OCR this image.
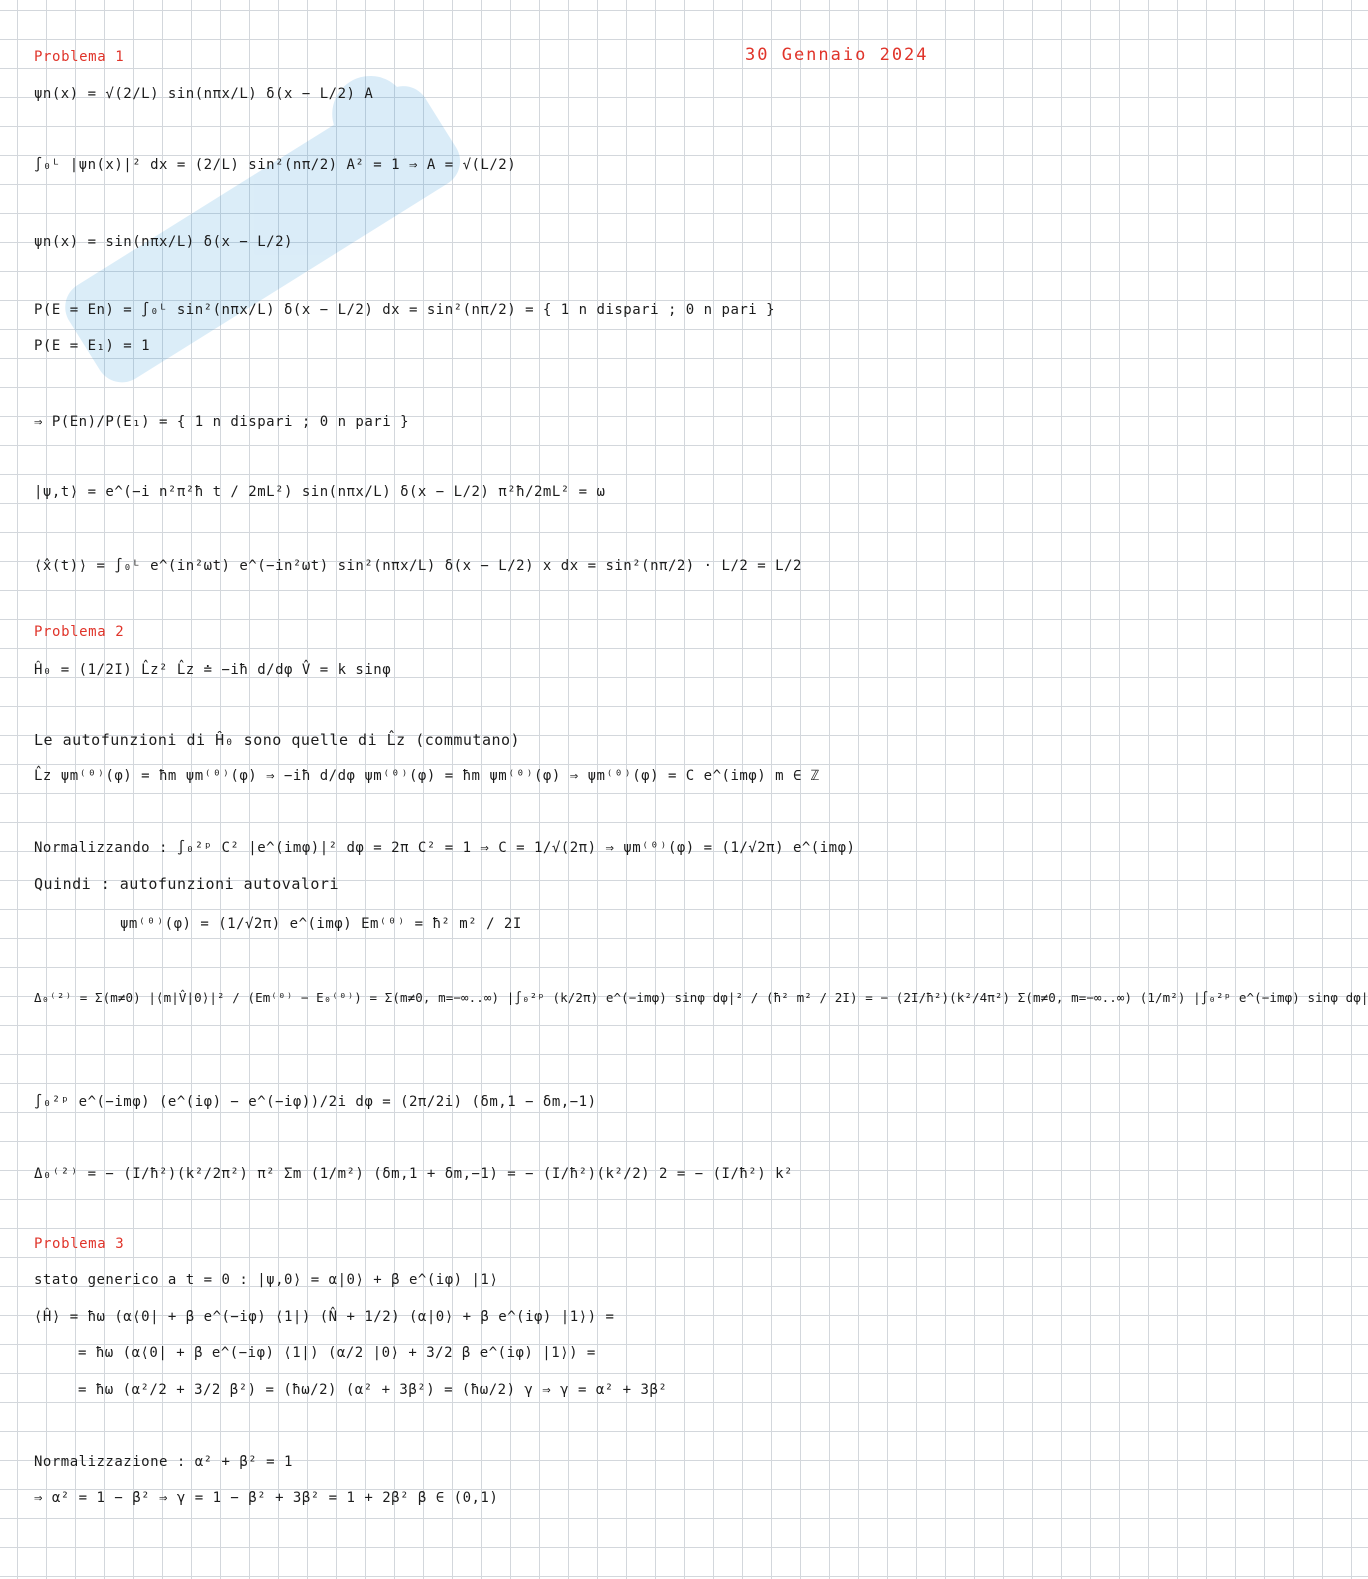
30 Gennaio 2024
Problema 1
ψn(x) = √(2/L) sin(nπx/L) δ(x − L/2) A
∫₀ᴸ |ψn(x)|² dx = (2/L) sin²(nπ/2) A² = 1 ⇒ A = √(L/2)
ψn(x) = sin(nπx/L) δ(x − L/2)
P(E = En) = ∫₀ᴸ sin²(nπx/L) δ(x − L/2) dx = sin²(nπ/2) = { 1 n dispari ; 0 n pari }
P(E = E₁) = 1
⇒ P(En)/P(E₁) = { 1 n dispari ; 0 n pari }
|ψ,t⟩ = e^(−i n²π²ħ t / 2mL²) sin(nπx/L) δ(x − L/2) π²ħ/2mL² = ω
⟨x̂(t)⟩ = ∫₀ᴸ e^(in²ωt) e^(−in²ωt) sin²(nπx/L) δ(x − L/2) x dx = sin²(nπ/2) · L/2 = L/2
Problema 2
Ĥ₀ = (1/2I) L̂z² L̂z ≐ −iħ d/dφ V̂ = k sinφ
Le autofunzioni di Ĥ₀ sono quelle di L̂z (commutano)
L̂z ψm⁽⁰⁾(φ) = ħm ψm⁽⁰⁾(φ) ⇒ −iħ d/dφ ψm⁽⁰⁾(φ) = ħm ψm⁽⁰⁾(φ) ⇒ ψm⁽⁰⁾(φ) = C e^(imφ) m ∈ ℤ
Normalizzando : ∫₀²ᵖ C² |e^(imφ)|² dφ = 2π C² = 1 ⇒ C = 1/√(2π) ⇒ ψm⁽⁰⁾(φ) = (1/√2π) e^(imφ)
Quindi : autofunzioni autovalori
ψm⁽⁰⁾(φ) = (1/√2π) e^(imφ) Em⁽⁰⁾ = ħ² m² / 2I
Δ₀⁽²⁾ = Σ(m≠0) |⟨m|V̂|0⟩|² / (Em⁽⁰⁾ − E₀⁽⁰⁾) = Σ(m≠0, m=−∞..∞) |∫₀²ᵖ (k/2π) e^(−imφ) sinφ dφ|² / (ħ² m² / 2I) = − (2I/ħ²)(k²/4π²) Σ(m≠0, m=−∞..∞) (1/m²) |∫₀²ᵖ e^(−imφ) sinφ dφ|
∫₀²ᵖ e^(−imφ) (e^(iφ) − e^(−iφ))/2i dφ = (2π/2i) (δm,1 − δm,−1)
Δ₀⁽²⁾ = − (I/ħ²)(k²/2π²) π² Σm (1/m²) (δm,1 + δm,−1) = − (I/ħ²)(k²/2) 2 = − (I/ħ²) k²
Problema 3
stato generico a t = 0 : |ψ,0⟩ = α|0⟩ + β e^(iφ) |1⟩
⟨Ĥ⟩ = ħω (α⟨0| + β e^(−iφ) ⟨1|) (N̂ + 1/2) (α|0⟩ + β e^(iφ) |1⟩) =
= ħω (α⟨0| + β e^(−iφ) ⟨1|) (α/2 |0⟩ + 3/2 β e^(iφ) |1⟩) =
= ħω (α²/2 + 3/2 β²) = (ħω/2) (α² + 3β²) = (ħω/2) γ ⇒ γ = α² + 3β²
Normalizzazione : α² + β² = 1
⇒ α² = 1 − β² ⇒ γ = 1 − β² + 3β² = 1 + 2β² β ∈ (0,1)
